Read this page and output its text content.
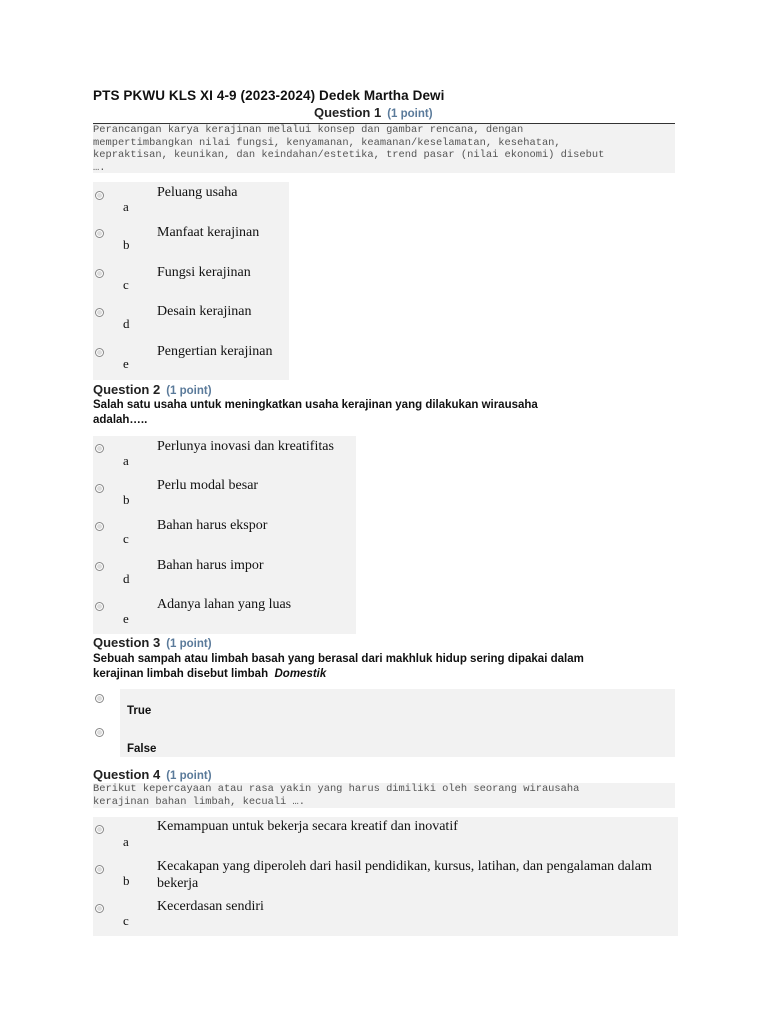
PTS PKWU KLS XI 4-9 (2023-2024) Dedek Martha Dewi
Question 1 (1 point)
Perancangan karya kerajinan melalui konsep dan gambar rencana, dengan
mempertimbangkan nilai fungsi, kenyamanan, keamanan/keselamatan, kesehatan,
kepraktisan, keunikan, dan keindahan/estetika, trend pasar (nilai ekonomi) disebut
….
a
Peluang usaha
b
Manfaat kerajinan
c
Fungsi kerajinan
d
Desain kerajinan
e
Pengertian kerajinan
Question 2 (1 point)
Salah satu usaha untuk meningkatkan usaha kerajinan yang dilakukan wirausaha
adalah…..
a
Perlunya inovasi dan kreatifitas
b
Perlu modal besar
c
Bahan harus ekspor
d
Bahan harus impor
e
Adanya lahan yang luas
Question 3 (1 point)
Sebuah sampah atau limbah basah yang berasal dari makhluk hidup sering dipakai dalam
kerajinan limbah disebut limbah Domestik
True
False
Question 4 (1 point)
Berikut kepercayaan atau rasa yakin yang harus dimiliki oleh seorang wirausaha
kerajinan bahan limbah, kecuali ….
a
Kemampuan untuk bekerja secara kreatif dan inovatif
b
Kecakapan yang diperoleh dari hasil pendidikan, kursus, latihan, dan pengalaman dalam bekerja
c
Kecerdasan sendiri
